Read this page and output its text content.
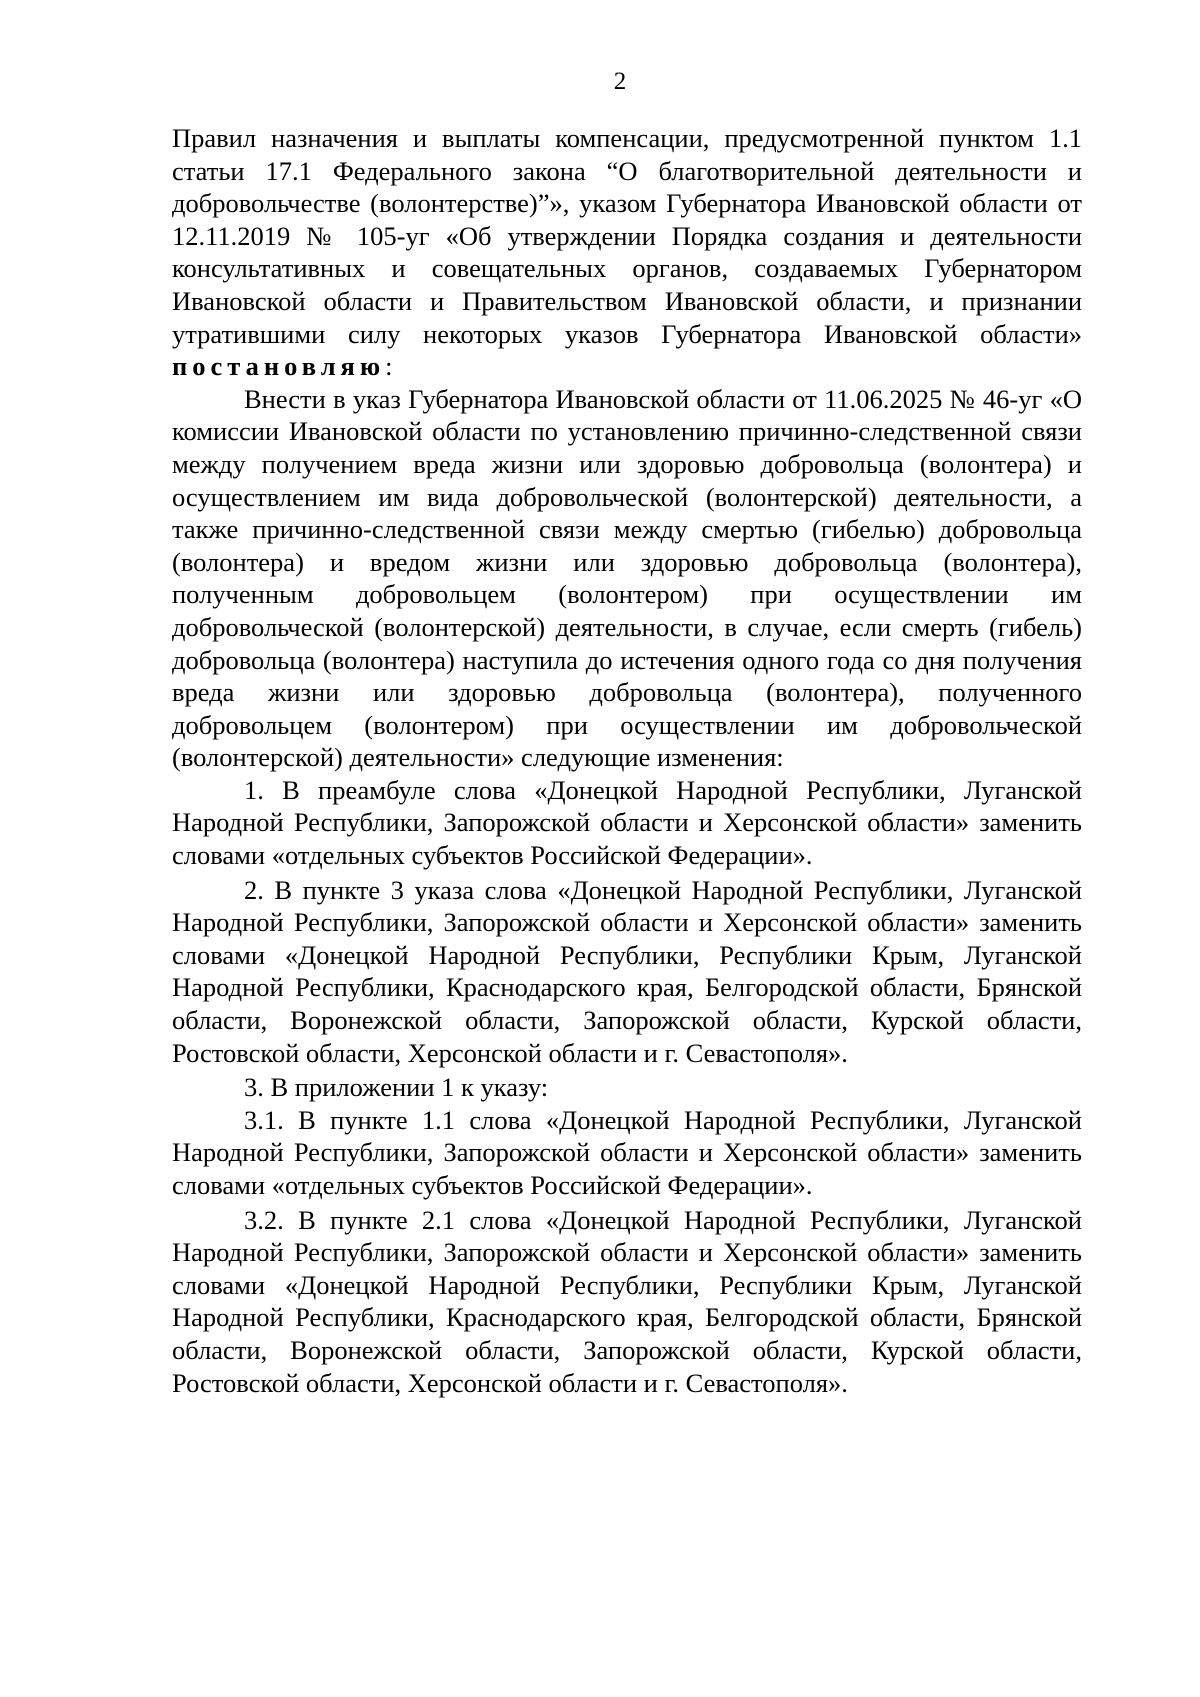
2

Правил назначения и выплаты компенсации, предусмотренной пунктом 1.1 статьи 17.1 Федерального закона “О благотворительной деятельности и добровольчестве (волонтерстве)”», указом Губернатора Ивановской области от 12.11.2019 № 105-уг «Об утверждении Порядка создания и деятельности консультативных и совещательных органов, создаваемых Губернатором Ивановской области и Правительством Ивановской области, и признании утратившими силу некоторых указов Губернатора Ивановской области» постановляю:

Внести в указ Губернатора Ивановской области от 11.06.2025 № 46-уг «О комиссии Ивановской области по установлению причинно-следственной связи между получением вреда жизни или здоровью добровольца (волонтера) и осуществлением им вида добровольческой (волонтерской) деятельности, а также причинно-следственной связи между смертью (гибелью) добровольца (волонтера) и вредом жизни или здоровью добровольца (волонтера), полученным добровольцем (волонтером) при осуществлении им добровольческой (волонтерской) деятельности, в случае, если смерть (гибель) добровольца (волонтера) наступила до истечения одного года со дня получения вреда жизни или здоровью добровольца (волонтера), полученного добровольцем (волонтером) при осуществлении им добровольческой (волонтерской) деятельности» следующие изменения:

1. В преамбуле слова «Донецкой Народной Республики, Луганской Народной Республики, Запорожской области и Херсонской области» заменить словами «отдельных субъектов Российской Федерации».

2. В пункте 3 указа слова «Донецкой Народной Республики, Луганской Народной Республики, Запорожской области и Херсонской области» заменить словами «Донецкой Народной Республики, Республики Крым, Луганской Народной Республики, Краснодарского края, Белгородской области, Брянской области, Воронежской области, Запорожской области, Курской области, Ростовской области, Херсонской области и г. Севастополя».

3. В приложении 1 к указу:

3.1. В пункте 1.1 слова «Донецкой Народной Республики, Луганской Народной Республики, Запорожской области и Херсонской области» заменить словами «отдельных субъектов Российской Федерации».

3.2. В пункте 2.1 слова «Донецкой Народной Республики, Луганской Народной Республики, Запорожской области и Херсонской области» заменить словами «Донецкой Народной Республики, Республики Крым, Луганской Народной Республики, Краснодарского края, Белгородской области, Брянской области, Воронежской области, Запорожской области, Курской области, Ростовской области, Херсонской области и г. Севастополя».
